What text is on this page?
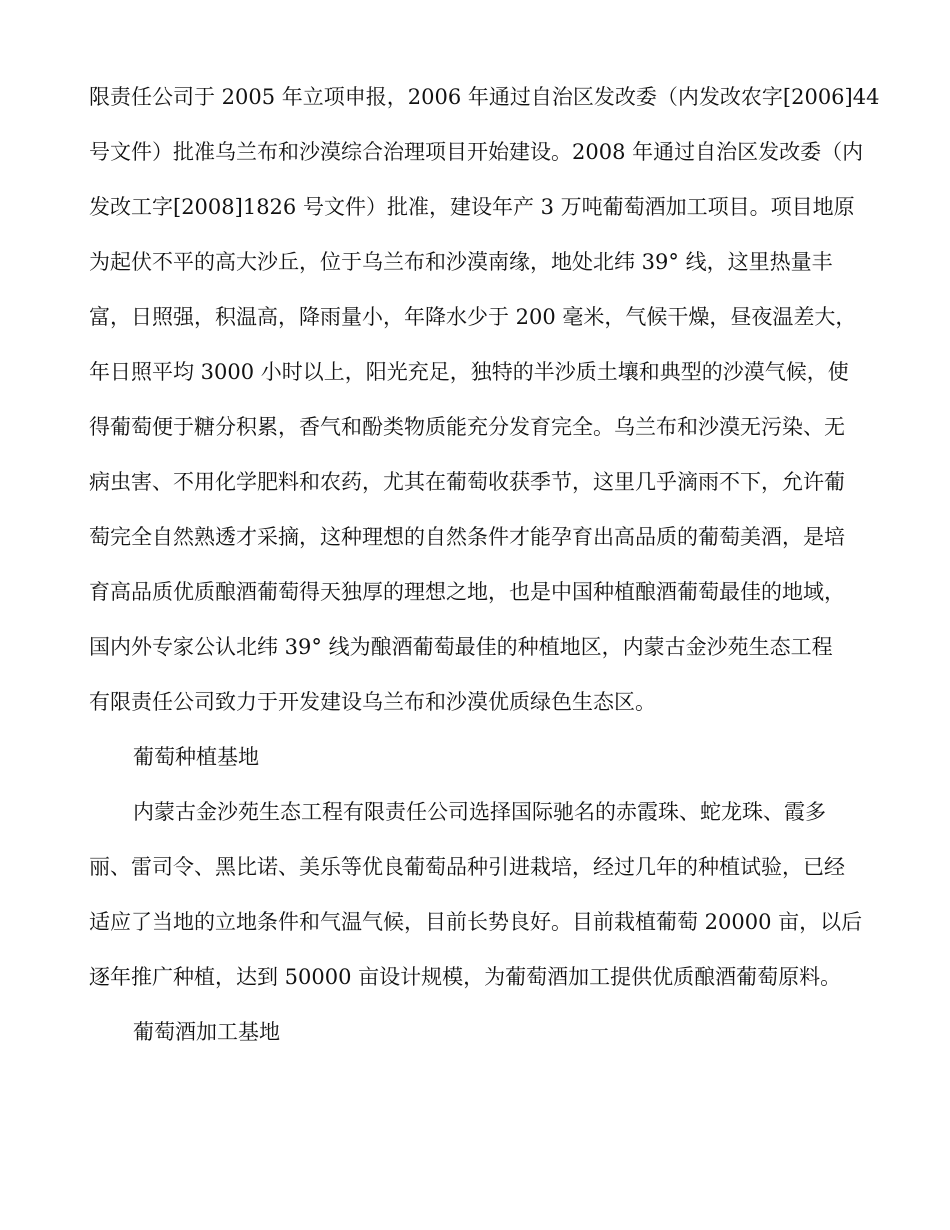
限责任公司于 2005 年立项申报，2006 年通过自治区发改委（内发改农字[2006]44
号文件）批准乌兰布和沙漠综合治理项目开始建设。2008 年通过自治区发改委（内
发改工字[2008]1826 号文件）批准，建设年产 3 万吨葡萄酒加工项目。项目地原
为起伏不平的高大沙丘，位于乌兰布和沙漠南缘，地处北纬 39° 线，这里热量丰
富，日照强，积温高，降雨量小，年降水少于 200 毫米，气候干燥，昼夜温差大，
年日照平均 3000 小时以上，阳光充足，独特的半沙质土壤和典型的沙漠气候，使
得葡萄便于糖分积累，香气和酚类物质能充分发育完全。乌兰布和沙漠无污染、无
病虫害、不用化学肥料和农药，尤其在葡萄收获季节，这里几乎滴雨不下，允许葡
萄完全自然熟透才采摘，这种理想的自然条件才能孕育出高品质的葡萄美酒，是培
育高品质优质酿酒葡萄得天独厚的理想之地，也是中国种植酿酒葡萄最佳的地域，
国内外专家公认北纬 39° 线为酿酒葡萄最佳的种植地区，内蒙古金沙苑生态工程
有限责任公司致力于开发建设乌兰布和沙漠优质绿色生态区。
葡萄种植基地
内蒙古金沙苑生态工程有限责任公司选择国际驰名的赤霞珠、蛇龙珠、霞多
丽、雷司令、黑比诺、美乐等优良葡萄品种引进栽培，经过几年的种植试验，已经
适应了当地的立地条件和气温气候，目前长势良好。目前栽植葡萄 20000 亩，以后
逐年推广种植，达到 50000 亩设计规模，为葡萄酒加工提供优质酿酒葡萄原料。
葡萄酒加工基地
